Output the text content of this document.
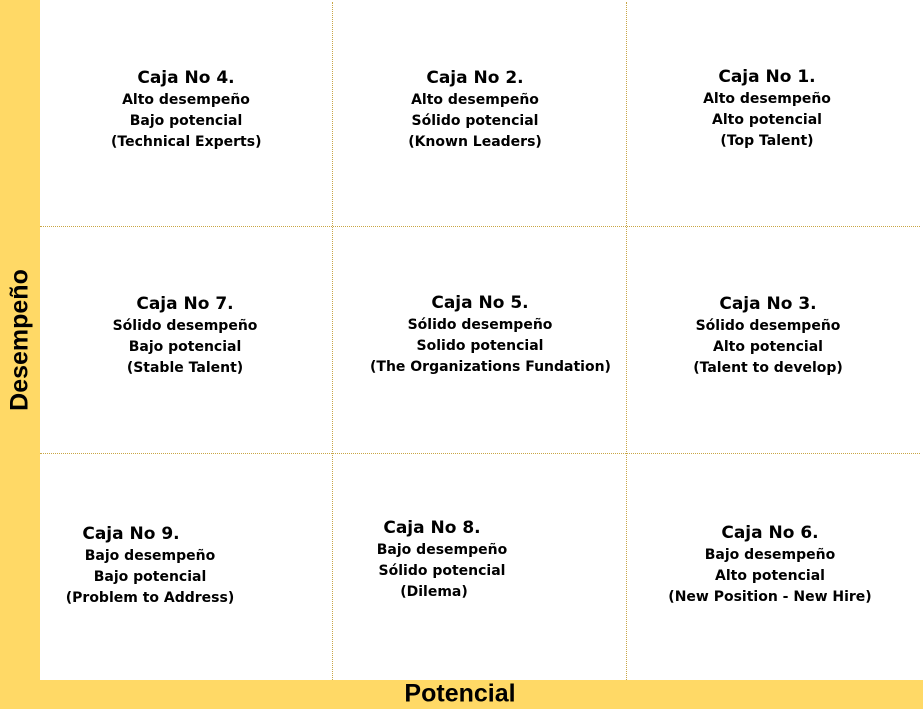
Desempeño
Potencial
Caja No 4.
Alto desempeño
Bajo potencial
(Technical Experts)
Caja No 2.
Alto desempeño
Sólido potencial
(Known Leaders)
Caja No 1.
Alto desempeño
Alto potencial
(Top Talent)
Caja No 7.
Sólido desempeño
Bajo potencial
(Stable Talent)
Caja No 5.
Sólido desempeño
Solido potencial
(The Organizations Fundation)
Caja No 3.
Sólido desempeño
Alto potencial
(Talent to develop)
Caja No 9.
Bajo desempeño
Bajo potencial
(Problem to Address)
Caja No 8.
Bajo desempeño
Sólido potencial
(Dilema)
Caja No 6.
Bajo desempeño
Alto potencial
(New Position - New Hire)
